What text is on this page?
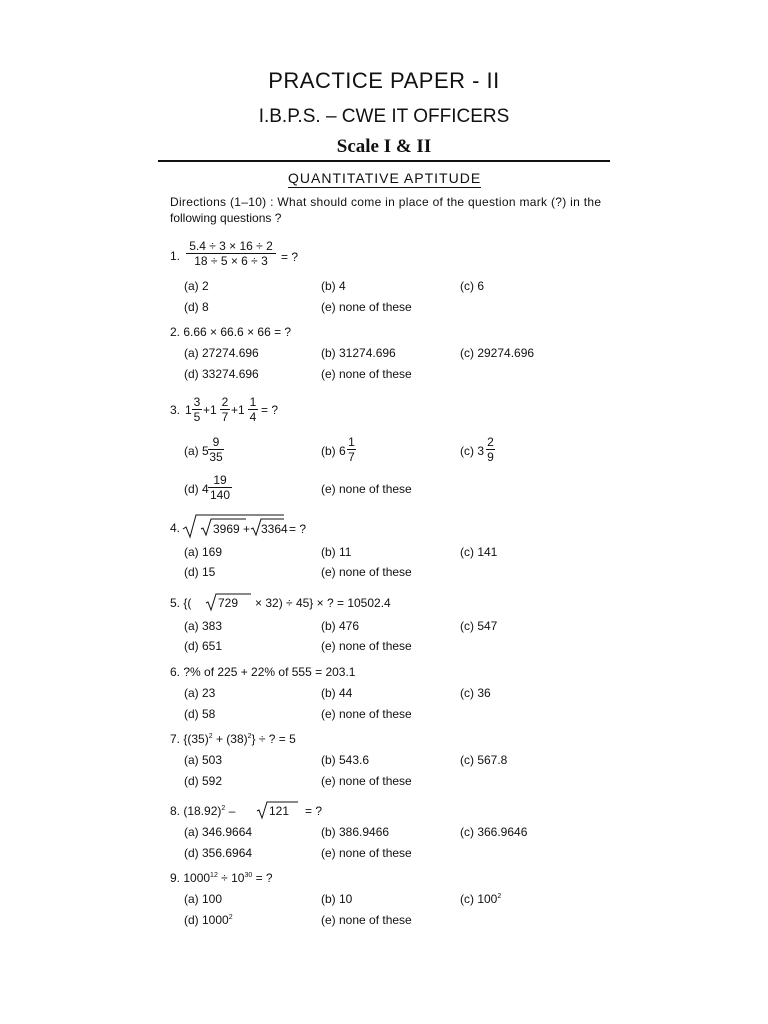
PRACTICE PAPER - II
I.B.P.S. – CWE IT OFFICERS
Scale I & II
QUANTITATIVE APTITUDE
Directions (1–10) : What should come in place of the question mark (?) in the
following questions ?
1.
5.4 ÷ 3 × 16 ÷ 2
18 ÷ 5 × 6 ÷ 3	= ?
(a) 2	(b) 4	(c) 6
(d) 8	(e) none of these
2. 6.66 × 66.6 × 66 = ?
(a) 27274.696	(b) 31274.696	(c) 29274.696
(d) 33274.696	(e) none of these
3. 1
3
5 +1
2
7 +1
1
4 = ?
(a) 5
9
35	(b) 6
1
7	(c) 3
2
9
(d) 4
19
140	(e) none of these
4.	3969 + 3364 = ?
(a) 169	(b) 11	(c) 141
(d) 15	(e) none of these
5. {( 729 × 32) ÷ 45} × ? = 10502.4
(a) 383	(b) 476	(c) 547
(d) 651	(e) none of these
6. ?% of 225 + 22% of 555 = 203.1
(a) 23	(b) 44	(c) 36
(d) 58	(e) none of these
7. $\{(35)^2 + (38)^2\}$ ÷ ? = 5
(a) 503	(b) 543.6	(c) 567.8
(d) 592	(e) none of these
8. $(18.92)^2$ –	121 = ?
(a) 346.9664	(b) 386.9466	(c) 366.9646
(d) 356.6964	(e) none of these
9. $1000^{12} \div 10^{30}$ = ?
(a) 100	(b) 10	(c) $100^2$
(d) 1000$^2$	(e) none of these
